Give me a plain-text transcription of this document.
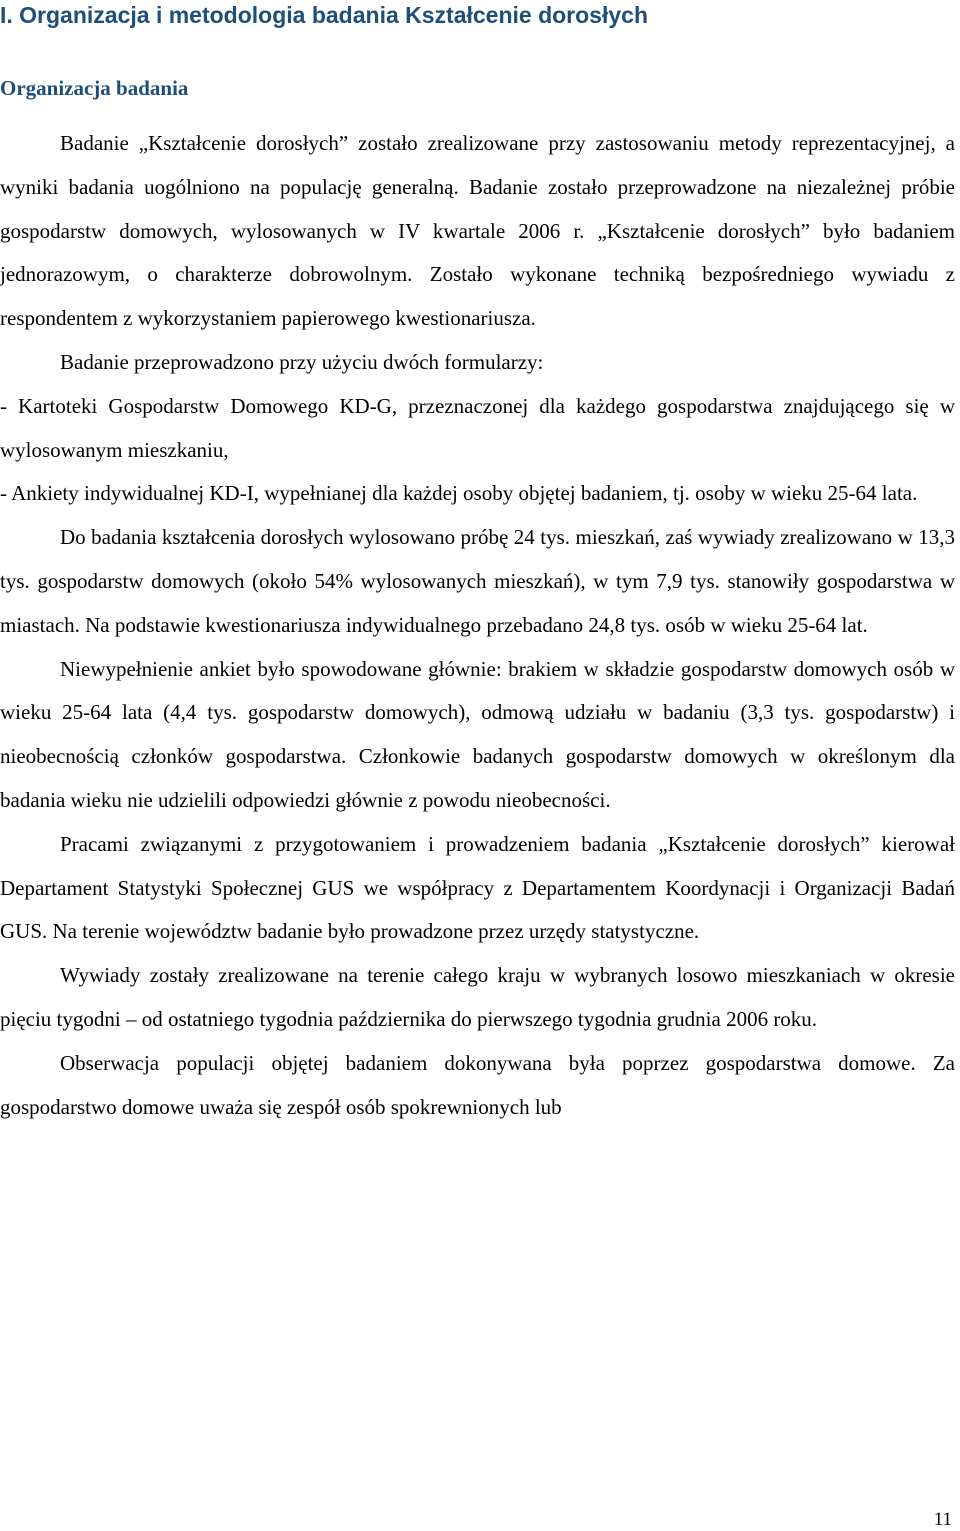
I. Organizacja i metodologia badania Kształcenie dorosłych
Organizacja badania

Badanie „Kształcenie dorosłych” zostało zrealizowane przy zastosowaniu metody reprezentacyjnej, a wyniki badania uogólniono na populację generalną. Badanie zostało przeprowadzone na niezależnej próbie gospodarstw domowych, wylosowanych w IV kwartale 2006 r. „Kształcenie dorosłych” było badaniem jednorazowym, o charakterze dobrowolnym. Zostało wykonane techniką bezpośredniego wywiadu z respondentem z wykorzystaniem papierowego kwestionariusza.

Badanie przeprowadzono przy użyciu dwóch formularzy:

- Kartoteki Gospodarstw Domowego KD-G, przeznaczonej dla każdego gospodarstwa znajdującego się w wylosowanym mieszkaniu,

- Ankiety indywidualnej KD-I, wypełnianej dla każdej osoby objętej badaniem, tj. osoby w wieku 25-64 lata.

Do badania kształcenia dorosłych wylosowano próbę 24 tys. mieszkań, zaś wywiady zrealizowano w 13,3 tys. gospodarstw domowych (około 54% wylosowanych mieszkań), w tym 7,9 tys. stanowiły gospodarstwa w miastach. Na podstawie kwestionariusza indywidualnego przebadano 24,8 tys. osób w wieku 25-64 lat.

Niewypełnienie ankiet było spowodowane głównie: brakiem w składzie gospodarstw domowych osób w wieku 25-64 lata (4,4 tys. gospodarstw domowych), odmową udziału w badaniu (3,3 tys. gospodarstw) i nieobecnością członków gospodarstwa. Członkowie badanych gospodarstw domowych w określonym dla badania wieku nie udzielili odpowiedzi głównie z powodu nieobecności.

Pracami związanymi z przygotowaniem i prowadzeniem badania „Kształcenie dorosłych” kierował Departament Statystyki Społecznej GUS we współpracy z Departamentem Koordynacji i Organizacji Badań GUS. Na terenie województw badanie było prowadzone przez urzędy statystyczne.

Wywiady zostały zrealizowane na terenie całego kraju w wybranych losowo mieszkaniach w okresie pięciu tygodni – od ostatniego tygodnia października do pierwszego tygodnia grudnia 2006 roku.

Obserwacja populacji objętej badaniem dokonywana była poprzez gospodarstwa domowe. Za gospodarstwo domowe uważa się zespół osób spokrewnionych lub

11
